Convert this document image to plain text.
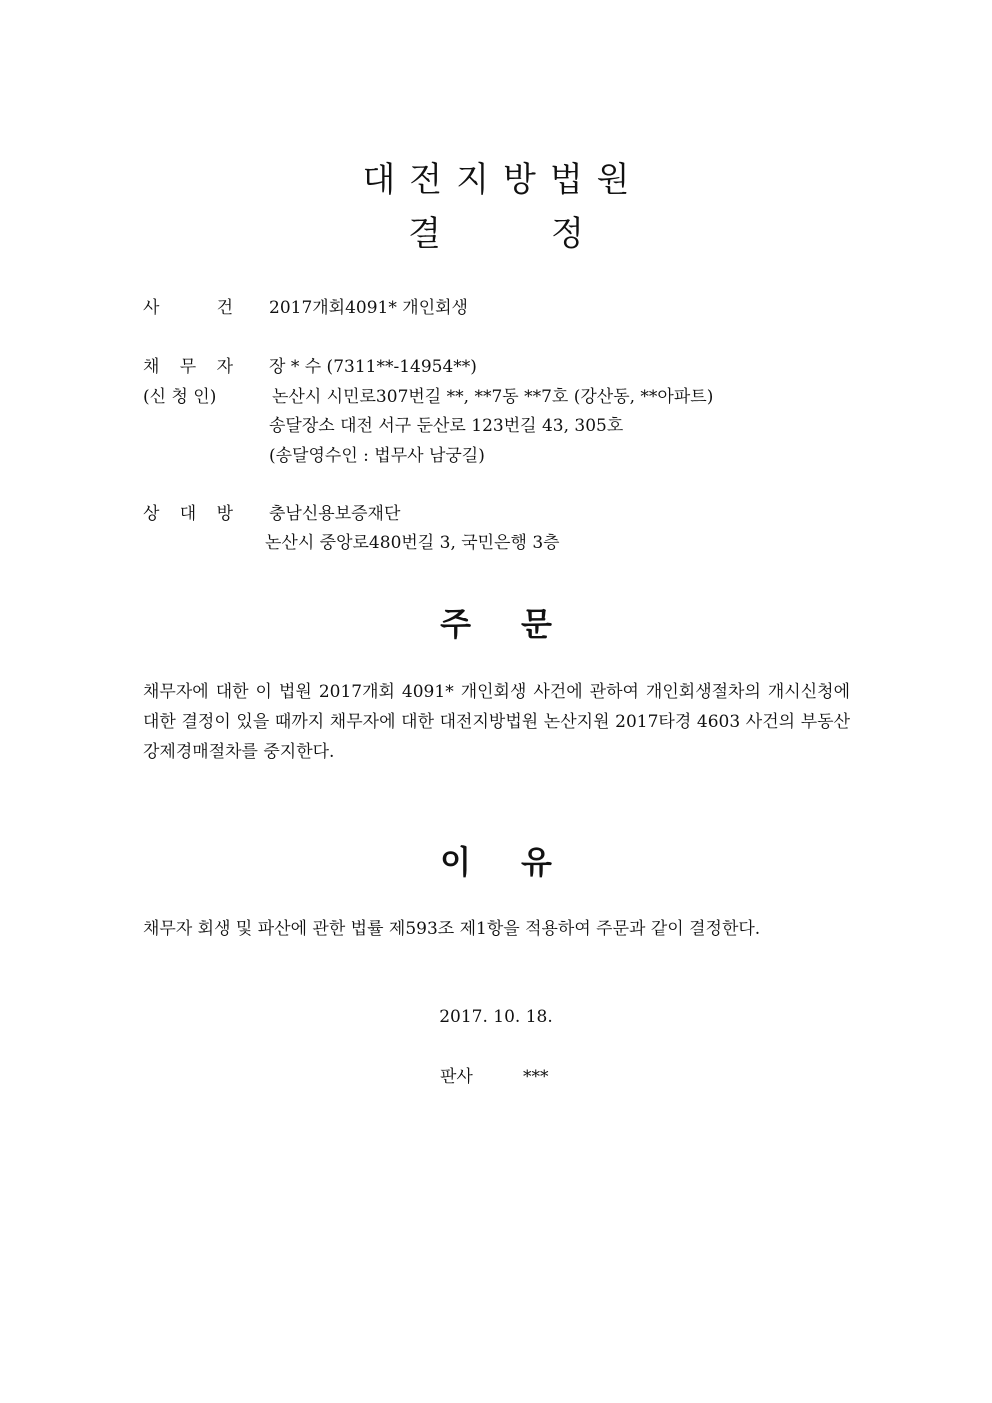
대전지방법원
결정
사	건 2017개회4091* 개인회생
채 무 자 장 * 수 (7311**-14954**)
(신 청 인)	논산시 시민로307번길 **, **7동 **7호 (강산동, **아파트)
송달장소 대전 서구 둔산로 123번길 43, 305호
(송달영수인 : 법무사 남궁길)
상 대 방 충남신용보증재단
논산시 중앙로480번길 3, 국민은행 3층
주문
채무자에 대한 이 법원 2017개회 4091* 개인회생 사건에 관하여 개인회생절차의 개시신청에 대한 결정이 있을 때까지 채무자에 대한 대전지방법원 논산지원 2017타경 4603 사건의 부동산 강제경매절차를 중지한다.
이유
채무자 회생 및 파산에 관한 법률 제593조 제1항을 적용하여 주문과 같이 결정한다.
2017. 10. 18.
판사	***
